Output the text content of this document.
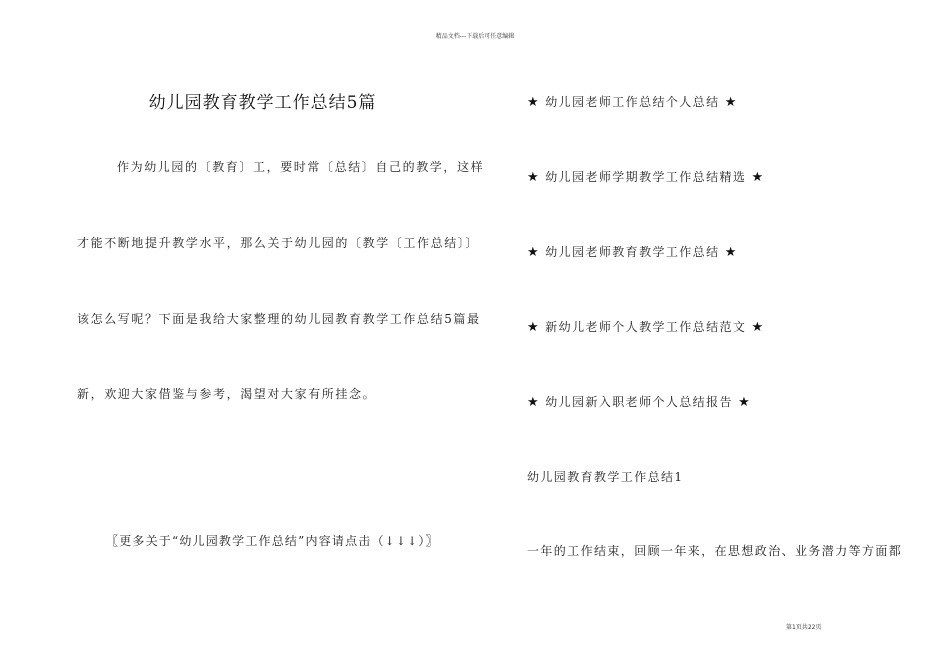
精品文档---下载后可任意编辑
幼儿园教育教学工作总结5篇
作为幼儿园的〔教育〕工，要时常〔总结〕自己的教学，这样
才能不断地提升教学水平，那么关于幼儿园的〔教学〔工作总结〕〕
该怎么写呢？下面是我给大家整理的幼儿园教育教学工作总结5篇最
新，欢迎大家借鉴与参考，渴望对大家有所挂念。
〖更多关于“幼儿园教学工作总结”内容请点击（↓↓↓）〗
★ 幼儿园老师工作总结个人总结 ★
★ 幼儿园老师学期教学工作总结精选 ★
★ 幼儿园老师教育教学工作总结 ★
★ 新幼儿老师个人教学工作总结范文 ★
★ 幼儿园新入职老师个人总结报告 ★
幼儿园教育教学工作总结1
一年的工作结束，回顾一年来，在思想政治、业务潜力等方面都
第1页共22页
